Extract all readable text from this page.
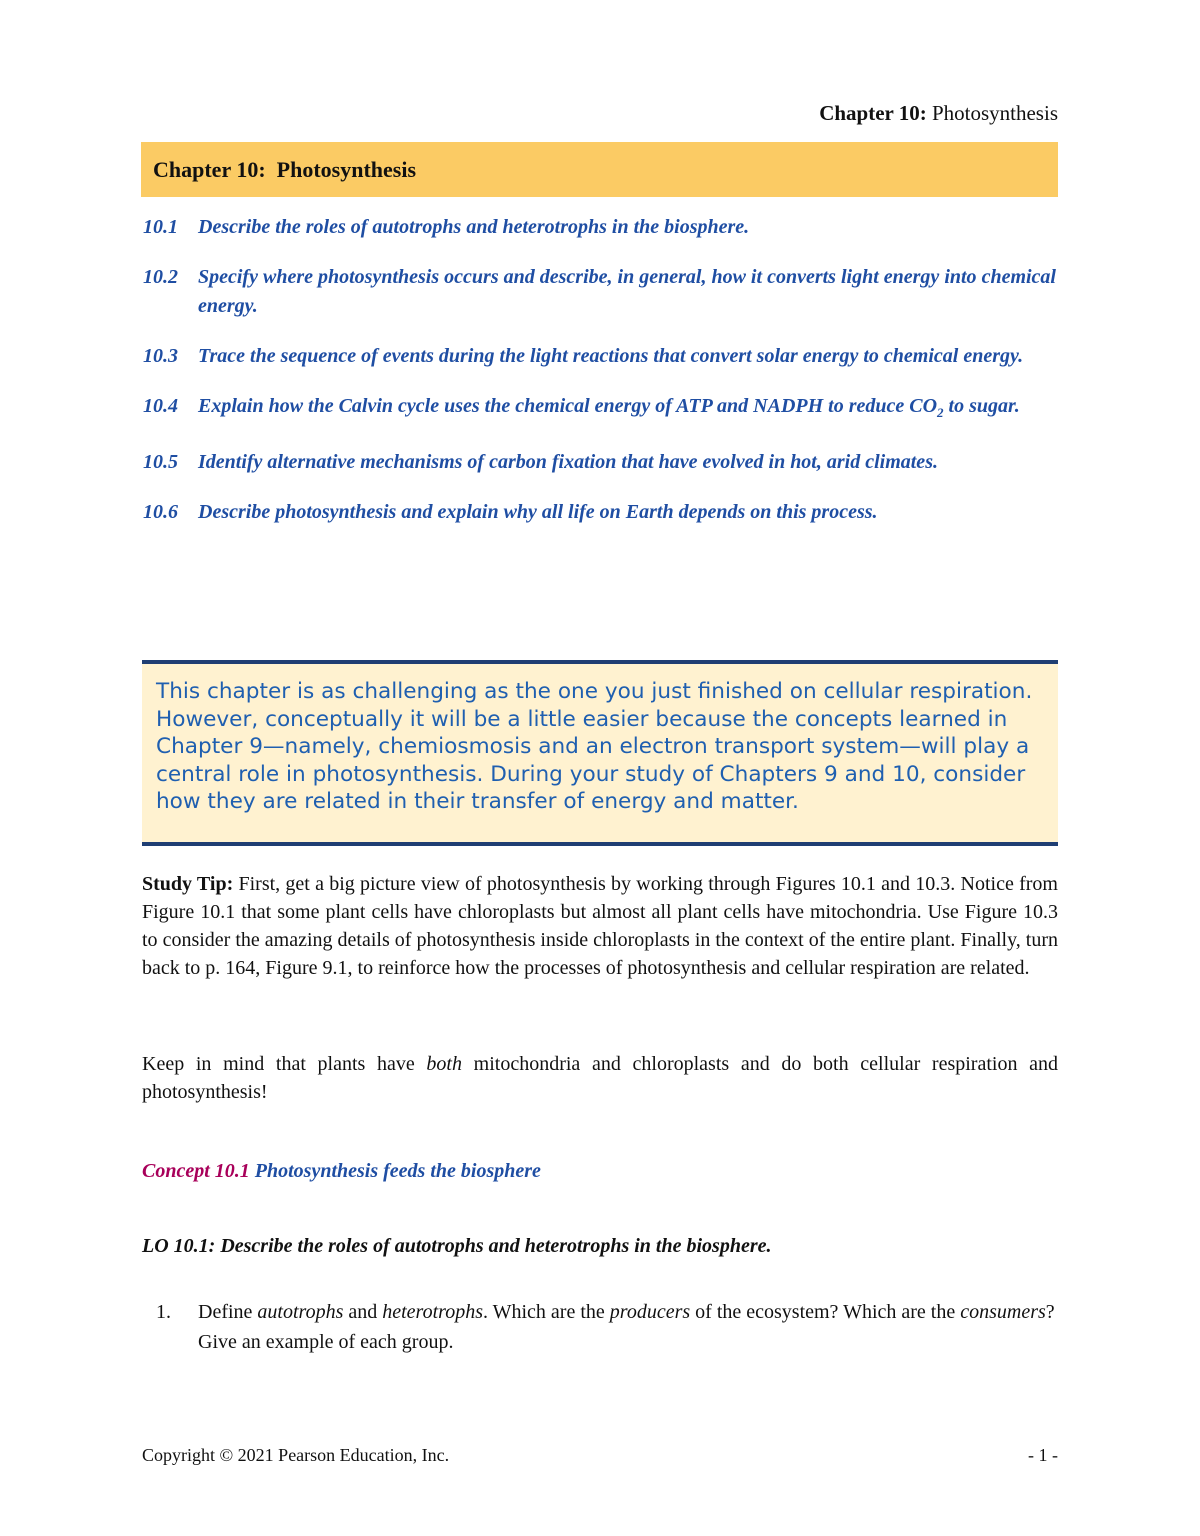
Chapter 10: Photosynthesis
Chapter 10:  Photosynthesis
10.1 Describe the roles of autotrophs and heterotrophs in the biosphere.
10.2 Specify where photosynthesis occurs and describe, in general, how it converts light energy into chemical energy.
10.3 Trace the sequence of events during the light reactions that convert solar energy to chemical energy.
10.4 Explain how the Calvin cycle uses the chemical energy of ATP and NADPH to reduce $CO_2$ to sugar.
10.5 Identify alternative mechanisms of carbon fixation that have evolved in hot, arid climates.
10.6 Describe photosynthesis and explain why all life on Earth depends on this process.
This chapter is as challenging as the one you just finished on cellular respiration. However, conceptually it will be a little easier because the concepts learned in Chapter 9—namely, chemiosmosis and an electron transport system—will play a central role in photosynthesis. During your study of Chapters 9 and 10, consider how they are related in their transfer of energy and matter.

Study Tip: First, get a big picture view of photosynthesis by working through Figures 10.1 and 10.3. Notice from Figure 10.1 that some plant cells have chloroplasts but almost all plant cells have mitochondria. Use Figure 10.3 to consider the amazing details of photosynthesis inside chloroplasts in the context of the entire plant. Finally, turn back to p. 164, Figure 9.1, to reinforce how the processes of photosynthesis and cellular respiration are related.

Keep in mind that plants have both mitochondria and chloroplasts and do both cellular respiration and photosynthesis!

Concept 10.1 Photosynthesis feeds the biosphere

LO 10.1: Describe the roles of autotrophs and heterotrophs in the biosphere.

1. Define autotrophs and heterotrophs. Which are the producers of the ecosystem? Which are the consumers? Give an example of each group.
Copyright © 2021 Pearson Education, Inc.	- 1 -
